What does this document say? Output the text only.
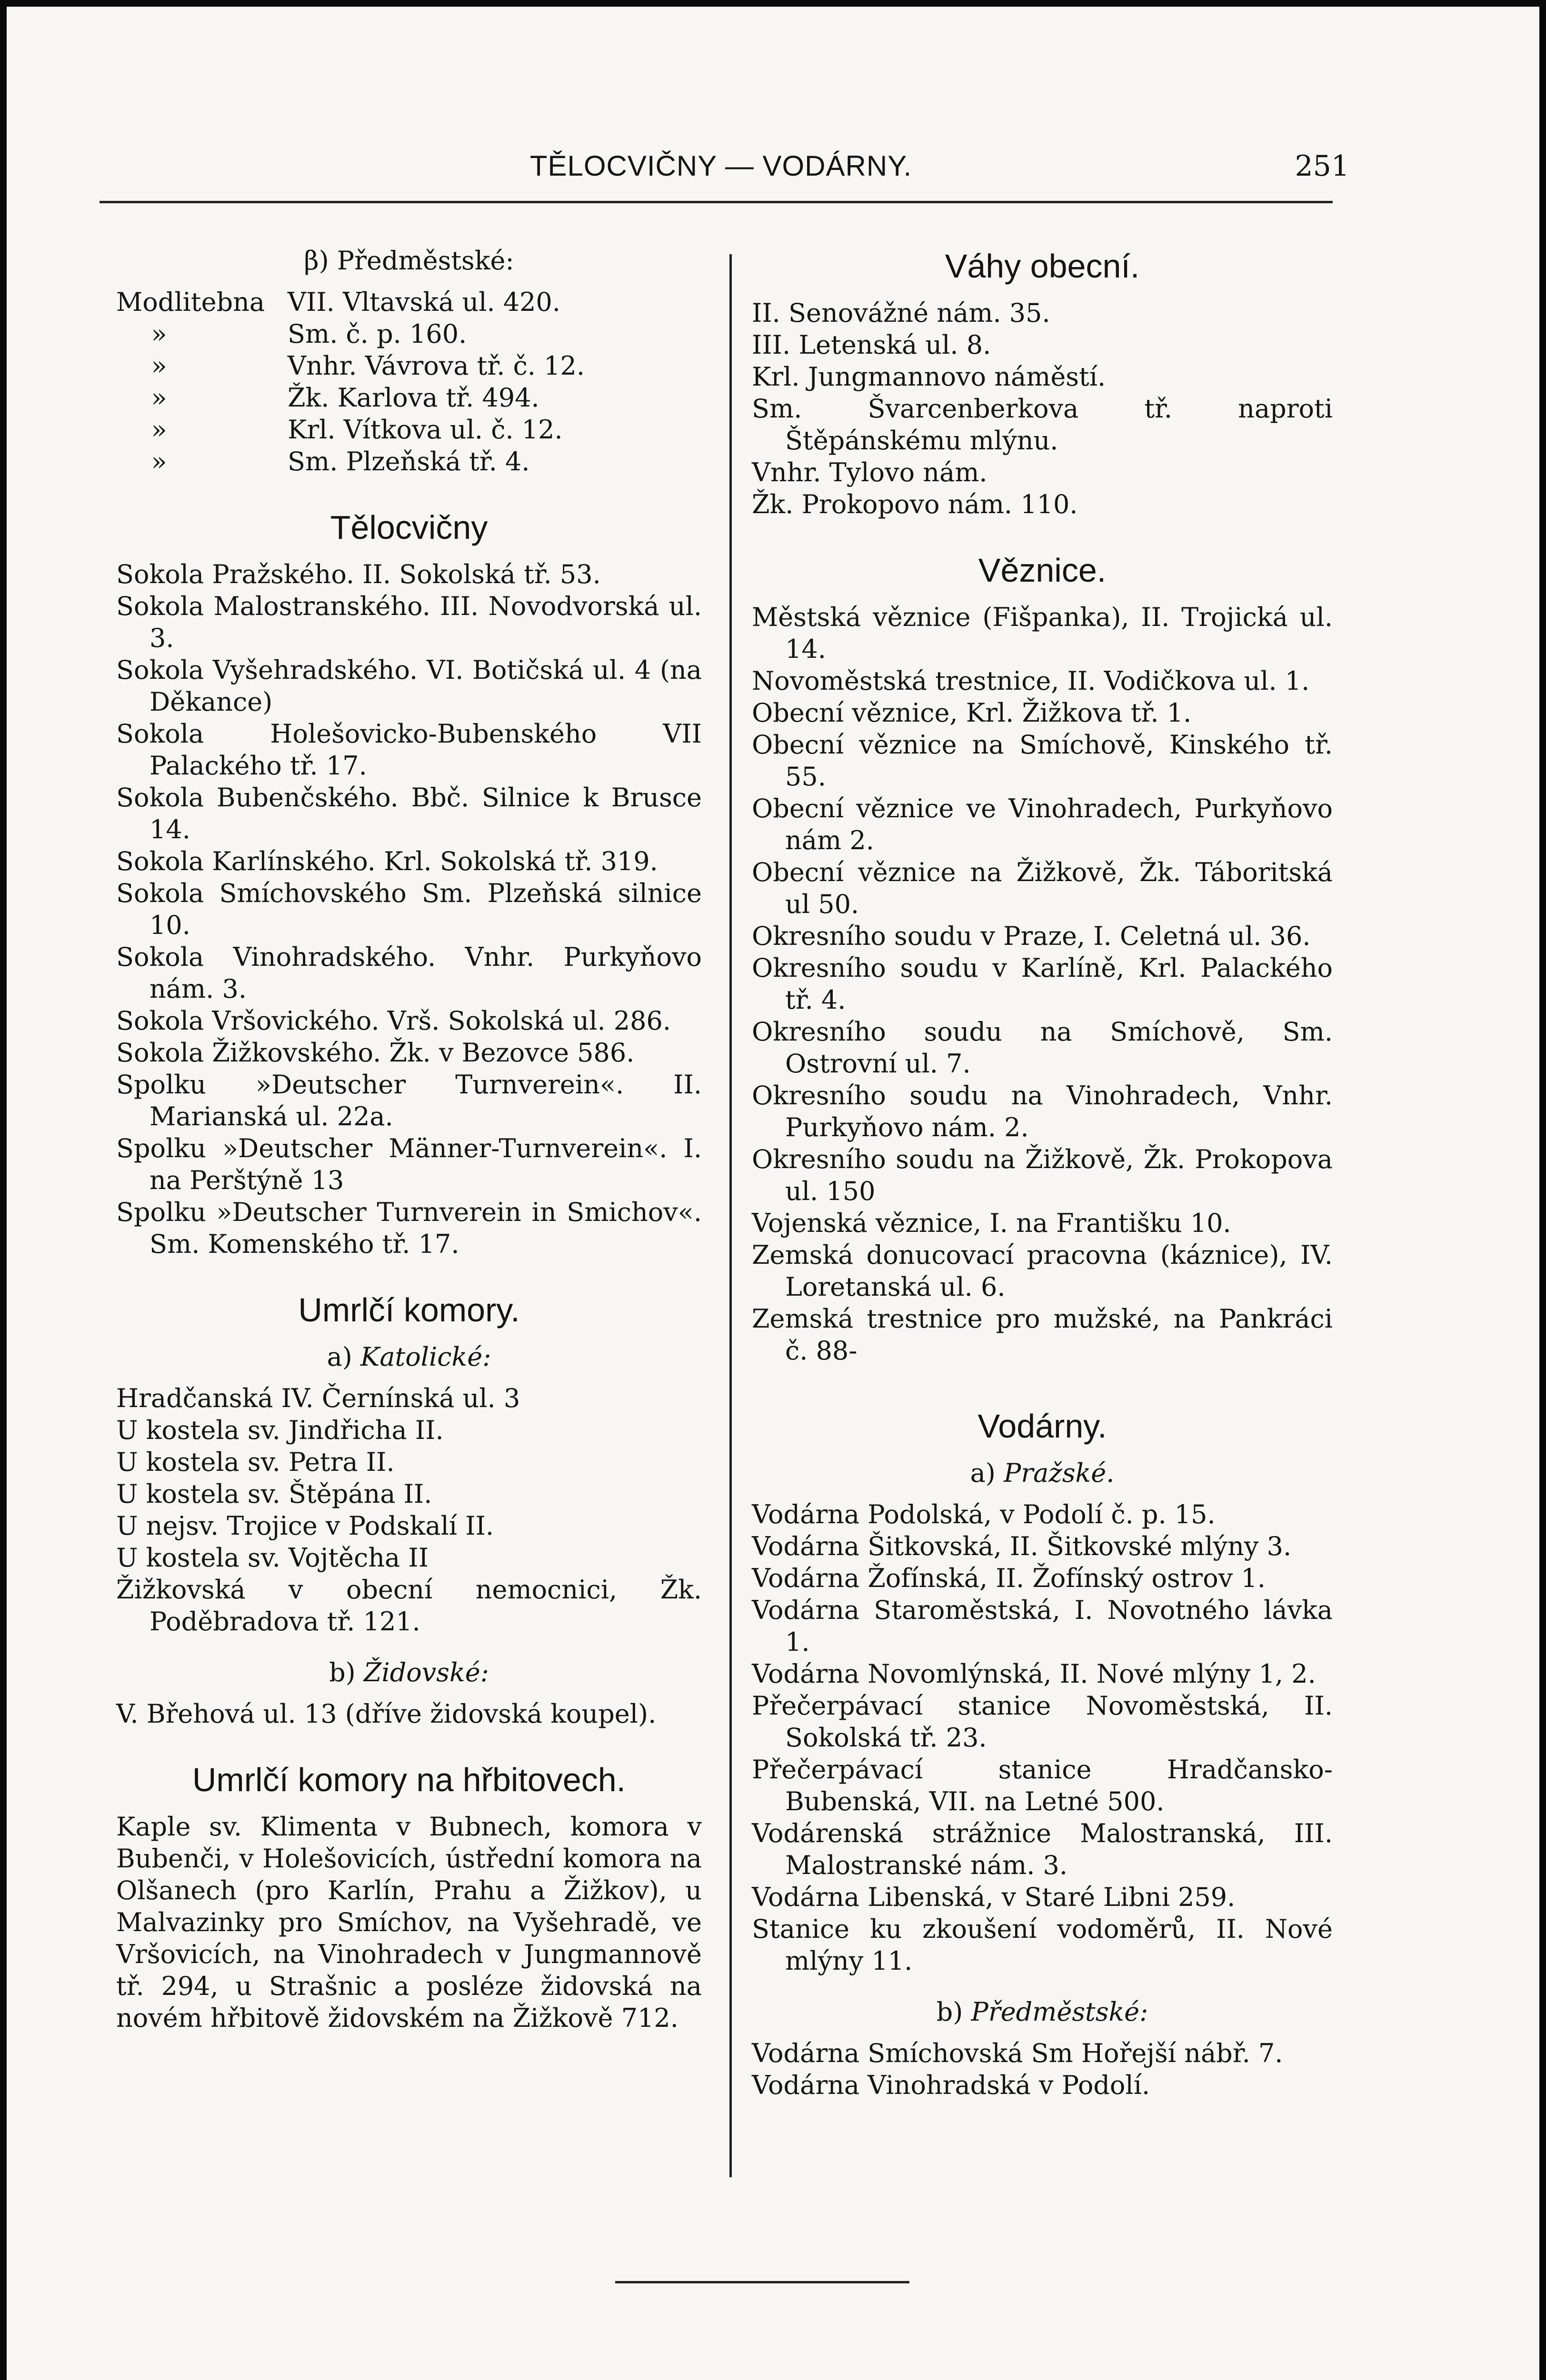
TĚLOCVIČNY — VODÁRNY.	251
β) Předměstské:
Modlitebna	VII. Vltavská ul. 420.
»	Sm. č. p. 160.
»	Vnhr. Vávrova tř. č. 12.
»	Žk. Karlova tř. 494.
»	Krl. Vítkova ul. č. 12.
»	Sm. Plzeňská tř. 4.
Tělocvičny
Sokola Pražského. II. Sokolská tř. 53.
Sokola Malostranského. III. Novodvorská ul. 3.
Sokola Vyšehradského. VI. Botičská ul. 4 (na Děkance)
Sokola Holešovicko-Bubenského VII Palackého tř. 17.
Sokola Bubenčského. Bbč. Silnice k Brusce 14.
Sokola Karlínského. Krl. Sokolská tř. 319.
Sokola Smíchovského Sm. Plzeňská silnice 10.
Sokola Vinohradského. Vnhr. Purkyňovo nám. 3.
Sokola Vršovického. Vrš. Sokolská ul. 286.
Sokola Žižkovského. Žk. v Bezovce 586.
Spolku »Deutscher Turnverein«. II. Marianská ul. 22a.
Spolku »Deutscher Männer-Turnverein«. I. na Perštýně 13
Spolku »Deutscher Turnverein in Smichov«. Sm. Komenského tř. 17.
Umrlčí komory.
a) Katolické:
Hradčanská IV. Černínská ul. 3
U kostela sv. Jindřicha II.
U kostela sv. Petra II.
U kostela sv. Štěpána II.
U nejsv. Trojice v Podskalí II.
U kostela sv. Vojtěcha II
Žižkovská v obecní nemocnici, Žk. Poděbradova tř. 121.
b) Židovské:
V. Břehová ul. 13 (dříve židovská koupel).
Umrlčí komory na hřbitovech.
Kaple sv. Klimenta v Bubnech, komora v Bubenči, v Holešovicích, ústřední komora na Olšanech (pro Karlín, Prahu a Žižkov), u Malvazinky pro Smíchov, na Vyšehradě, ve Vršovicích, na Vinohradech v Jungmannově tř. 294, u Strašnic a posléze židovská na novém hřbitově židovském na Žižkově 712.
Váhy obecní.
II. Senovážné nám. 35.
III. Letenská ul. 8.
Krl. Jungmannovo náměstí.
Sm. Švarcenberkova tř. naproti Štěpánskému mlýnu.
Vnhr. Tylovo nám.
Žk. Prokopovo nám. 110.
Věznice.
Městská věznice (Fišpanka), II. Trojická ul. 14.
Novoměstská trestnice, II. Vodičkova ul. 1.
Obecní věznice, Krl. Žižkova tř. 1.
Obecní věznice na Smíchově, Kinského tř. 55.
Obecní věznice ve Vinohradech, Purkyňovo nám 2.
Obecní věznice na Žižkově, Žk. Táboritská ul 50.
Okresního soudu v Praze, I. Celetná ul. 36.
Okresního soudu v Karlíně, Krl. Palackého tř. 4.
Okresního soudu na Smíchově, Sm. Ostrovní ul. 7.
Okresního soudu na Vinohradech, Vnhr. Purkyňovo nám. 2.
Okresního soudu na Žižkově, Žk. Prokopova ul. 150
Vojenská věznice, I. na Františku 10.
Zemská donucovací pracovna (káznice), IV. Loretanská ul. 6.
Zemská trestnice pro mužské, na Pankráci č. 88-
Vodárny.
a) Pražské.
Vodárna Podolská, v Podolí č. p. 15.
Vodárna Šitkovská, II. Šitkovské mlýny 3.
Vodárna Žofínská, II. Žofínský ostrov 1.
Vodárna Staroměstská, I. Novotného lávka 1.
Vodárna Novomlýnská, II. Nové mlýny 1, 2.
Přečerpávací stanice Novoměstská, II. Sokolská tř. 23.
Přečerpávací stanice Hradčansko-Bubenská, VII. na Letné 500.
Vodárenská strážnice Malostranská, III. Malostranské nám. 3.
Vodárna Libenská, v Staré Libni 259.
Stanice ku zkoušení vodoměrů, II. Nové mlýny 11.
b) Předměstské:
Vodárna Smíchovská Sm Hořejší nábř. 7.
Vodárna Vinohradská v Podolí.
